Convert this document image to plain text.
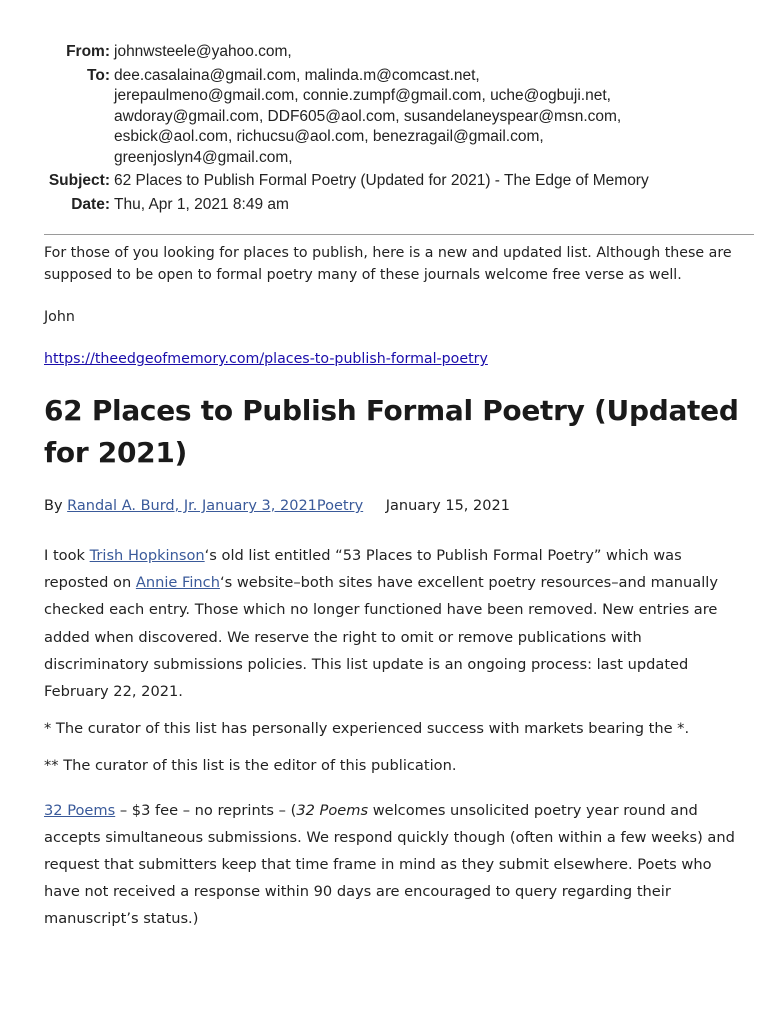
From: johnwsteele@yahoo.com,
To: dee.casalaina@gmail.com, malinda.m@comcast.net,
jerepaulmeno@gmail.com, connie.zumpf@gmail.com, uche@ogbuji.net,
awdoray@gmail.com, DDF605@aol.com, susandelaneyspear@msn.com,
esbick@aol.com, richucsu@aol.com, benezragail@gmail.com,
greenjoslyn4@gmail.com,
Subject: 62 Places to Publish Formal Poetry (Updated for 2021) - The Edge of Memory
Date: Thu, Apr 1, 2021 8:49 am

For those of you looking for places to publish, here is a new and updated list. Although these are supposed to be open to formal poetry many of these journals welcome free verse as well.

John

https://theedgeofmemory.com/places-to-publish-formal-poetry
62 Places to Publish Formal Poetry (Updated for 2021)
By Randal A. Burd, Jr. January 3, 2021Poetry January 15, 2021

I took Trish Hopkinson‘s old list entitled “53 Places to Publish Formal Poetry” which was reposted on Annie Finch‘s website–both sites have excellent poetry resources–and manually checked each entry. Those which no longer functioned have been removed. New entries are added when discovered. We reserve the right to omit or remove publications with discriminatory submissions policies. This list update is an ongoing process: last updated February 22, 2021.

* The curator of this list has personally experienced success with markets bearing the *.

** The curator of this list is the editor of this publication.

32 Poems – $3 fee – no reprints – (32 Poems welcomes unsolicited poetry year round and accepts simultaneous submissions. We respond quickly though (often within a few weeks) and request that submitters keep that time frame in mind as they submit elsewhere. Poets who have not received a response within 90 days are encouraged to query regarding their manuscript’s status.)
